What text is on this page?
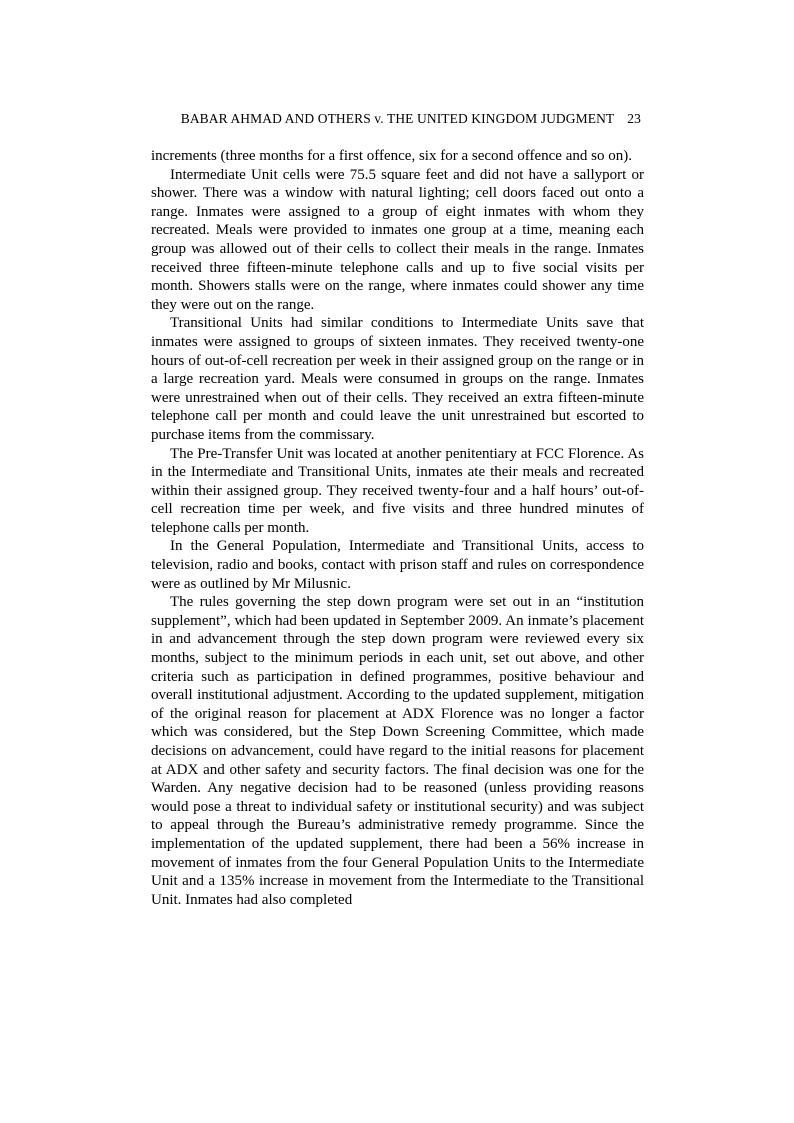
BABAR AHMAD AND OTHERS v. THE UNITED KINGDOM JUDGMENT 23

increments (three months for a first offence, six for a second offence and so on).

Intermediate Unit cells were 75.5 square feet and did not have a sallyport or shower. There was a window with natural lighting; cell doors faced out onto a range. Inmates were assigned to a group of eight inmates with whom they recreated. Meals were provided to inmates one group at a time, meaning each group was allowed out of their cells to collect their meals in the range. Inmates received three fifteen-minute telephone calls and up to five social visits per month. Showers stalls were on the range, where inmates could shower any time they were out on the range.

Transitional Units had similar conditions to Intermediate Units save that inmates were assigned to groups of sixteen inmates. They received twenty-one hours of out-of-cell recreation per week in their assigned group on the range or in a large recreation yard. Meals were consumed in groups on the range. Inmates were unrestrained when out of their cells. They received an extra fifteen-minute telephone call per month and could leave the unit unrestrained but escorted to purchase items from the commissary.

The Pre-Transfer Unit was located at another penitentiary at FCC Florence. As in the Intermediate and Transitional Units, inmates ate their meals and recreated within their assigned group. They received twenty-four and a half hours’ out-of-cell recreation time per week, and five visits and three hundred minutes of telephone calls per month.

In the General Population, Intermediate and Transitional Units, access to television, radio and books, contact with prison staff and rules on correspondence were as outlined by Mr Milusnic.

The rules governing the step down program were set out in an “institution supplement”, which had been updated in September 2009. An inmate’s placement in and advancement through the step down program were reviewed every six months, subject to the minimum periods in each unit, set out above, and other criteria such as participation in defined programmes, positive behaviour and overall institutional adjustment. According to the updated supplement, mitigation of the original reason for placement at ADX Florence was no longer a factor which was considered, but the Step Down Screening Committee, which made decisions on advancement, could have regard to the initial reasons for placement at ADX and other safety and security factors. The final decision was one for the Warden. Any negative decision had to be reasoned (unless providing reasons would pose a threat to individual safety or institutional security) and was subject to appeal through the Bureau’s administrative remedy programme. Since the implementation of the updated supplement, there had been a 56% increase in movement of inmates from the four General Population Units to the Intermediate Unit and a 135% increase in movement from the Intermediate to the Transitional Unit. Inmates had also completed
